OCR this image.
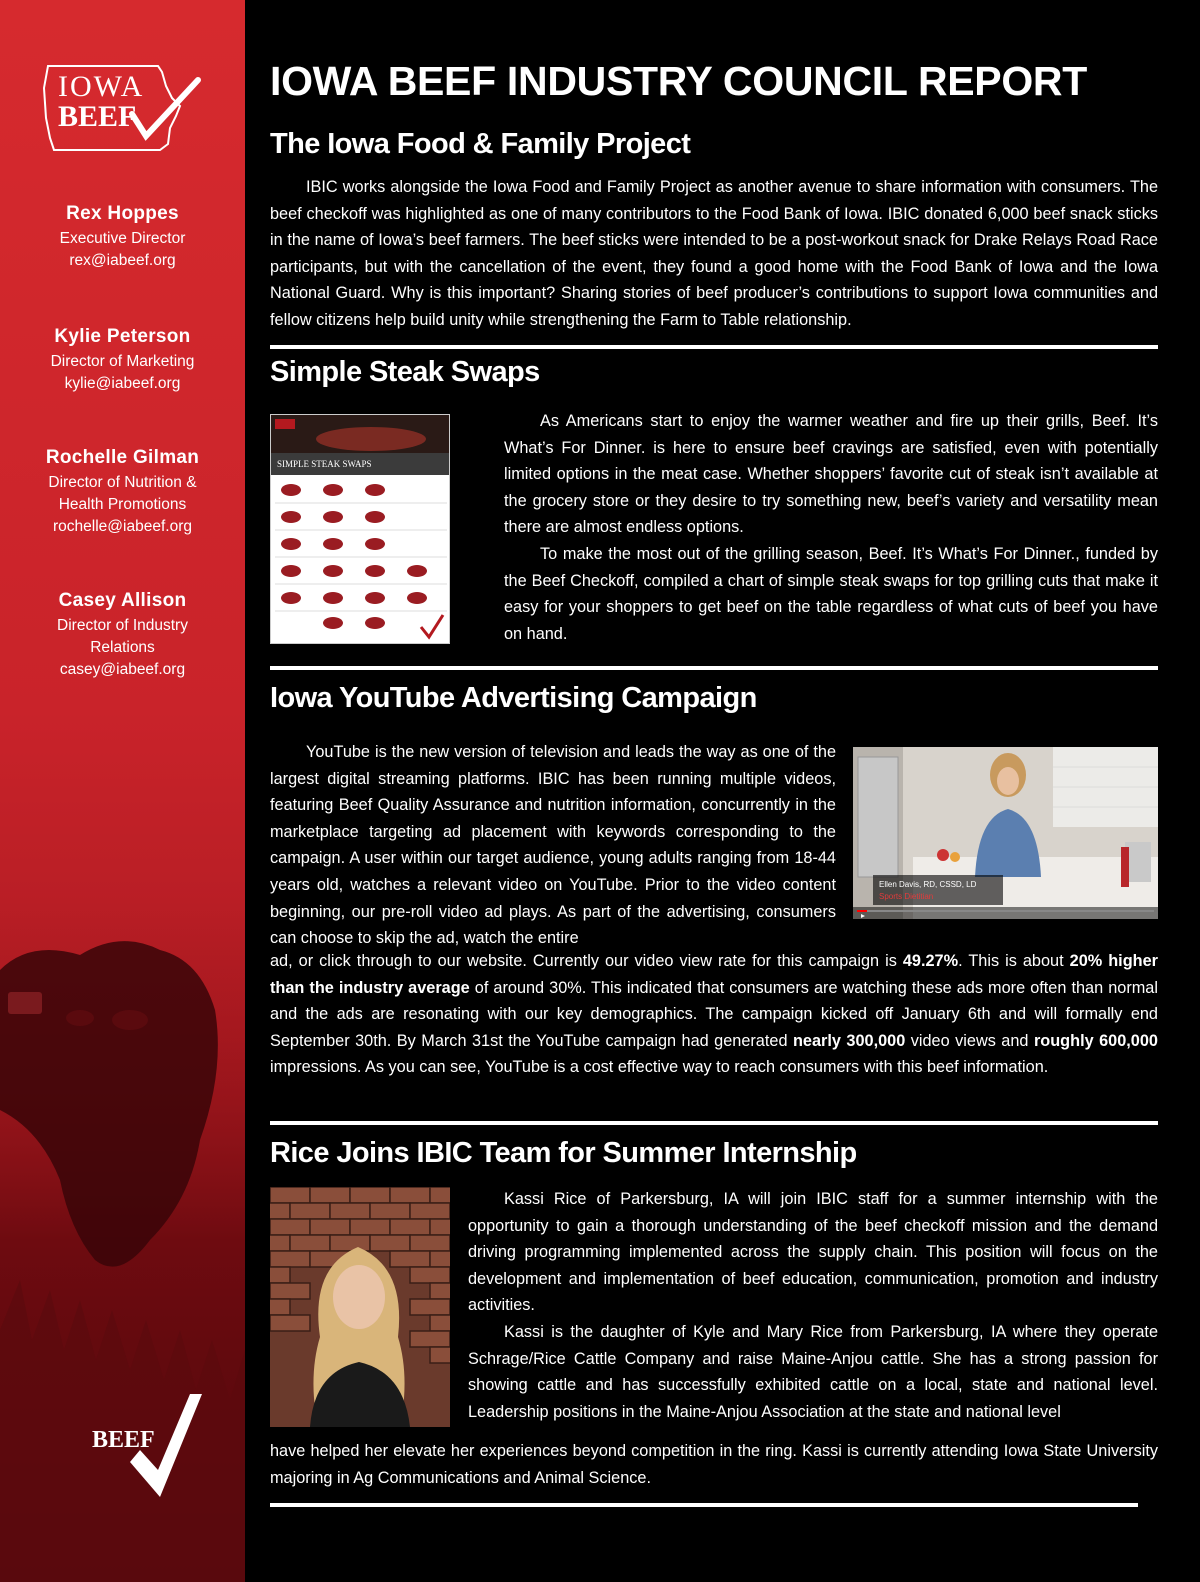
IOWA
BEEF
Rex Hoppes
Executive Director
rex@iabeef.org
Kylie Peterson
Director of Marketing
kylie@iabeef.org
Rochelle Gilman
Director of Nutrition &
Health Promotions
rochelle@iabeef.org
Casey Allison
Director of Industry
Relations
casey@iabeef.org
BEEF
IOWA BEEF INDUSTRY COUNCIL REPORT
The Iowa Food & Family Project

IBIC works alongside the Iowa Food and Family Project as another avenue to share information with consumers. The beef checkoff was highlighted as one of many contributors to the Food Bank of Iowa. IBIC donated 6,000 beef snack sticks in the name of Iowa’s beef farmers. The beef sticks were intended to be a post-workout snack for Drake Relays Road Race participants, but with the cancellation of the event, they found a good home with the Food Bank of Iowa and the Iowa National Guard. Why is this important? Sharing stories of beef producer’s contributions to support Iowa communities and fellow citizens help build unity while strengthening the Farm to Table relationship.

Simple Steak Swaps
SIMPLE STEAK SWAPS

As Americans start to enjoy the warmer weather and fire up their grills, Beef. It’s What’s For Dinner. is here to ensure beef cravings are satisfied, even with potentially limited options in the meat case. Whether shoppers’ favorite cut of steak isn’t available at the grocery store or they desire to try something new, beef’s variety and versatility mean there are almost endless options.

To make the most out of the grilling season, Beef. It’s What’s For Dinner., funded by the Beef Checkoff, compiled a chart of simple steak swaps for top grilling cuts that make it easy for your shoppers to get beef on the table regardless of what cuts of beef you have on hand.

Iowa YouTube Advertising Campaign
Ellen Davis, RD, CSSD, LD
Sports Dietitian

YouTube is the new version of television and leads the way as one of the largest digital streaming platforms. IBIC has been running multiple videos, featuring Beef Quality Assurance and nutrition information, concurrently in the marketplace targeting ad placement with keywords corresponding to the campaign. A user within our target audience, young adults ranging from 18-44 years old, watches a relevant video on YouTube. Prior to the video content beginning, our pre-roll video ad plays. As part of the advertising, consumers can choose to skip the ad, watch the entire

ad, or click through to our website. Currently our video view rate for this campaign is 49.27%. This is about 20% higher than the industry average of around 30%. This indicated that consumers are watching these ads more often than normal and the ads are resonating with our key demographics. The campaign kicked off January 6th and will formally end September 30th. By March 31st the YouTube campaign had generated nearly 300,000 video views and roughly 600,000 impressions. As you can see, YouTube is a cost effective way to reach consumers with this beef information.

Rice Joins IBIC Team for Summer Internship

Kassi Rice of Parkersburg, IA will join IBIC staff for a summer internship with the opportunity to gain a thorough understanding of the beef checkoff mission and the demand driving programming implemented across the supply chain. This position will focus on the development and implementation of beef education, communication, promotion and industry activities.

Kassi is the daughter of Kyle and Mary Rice from Parkersburg, IA where they operate Schrage/Rice Cattle Company and raise Maine-Anjou cattle. She has a strong passion for showing cattle and has successfully exhibited cattle on a local, state and national level. Leadership positions in the Maine-Anjou Association at the state and national level

have helped her elevate her experiences beyond competition in the ring. Kassi is currently attending Iowa State University majoring in Ag Communications and Animal Science.
